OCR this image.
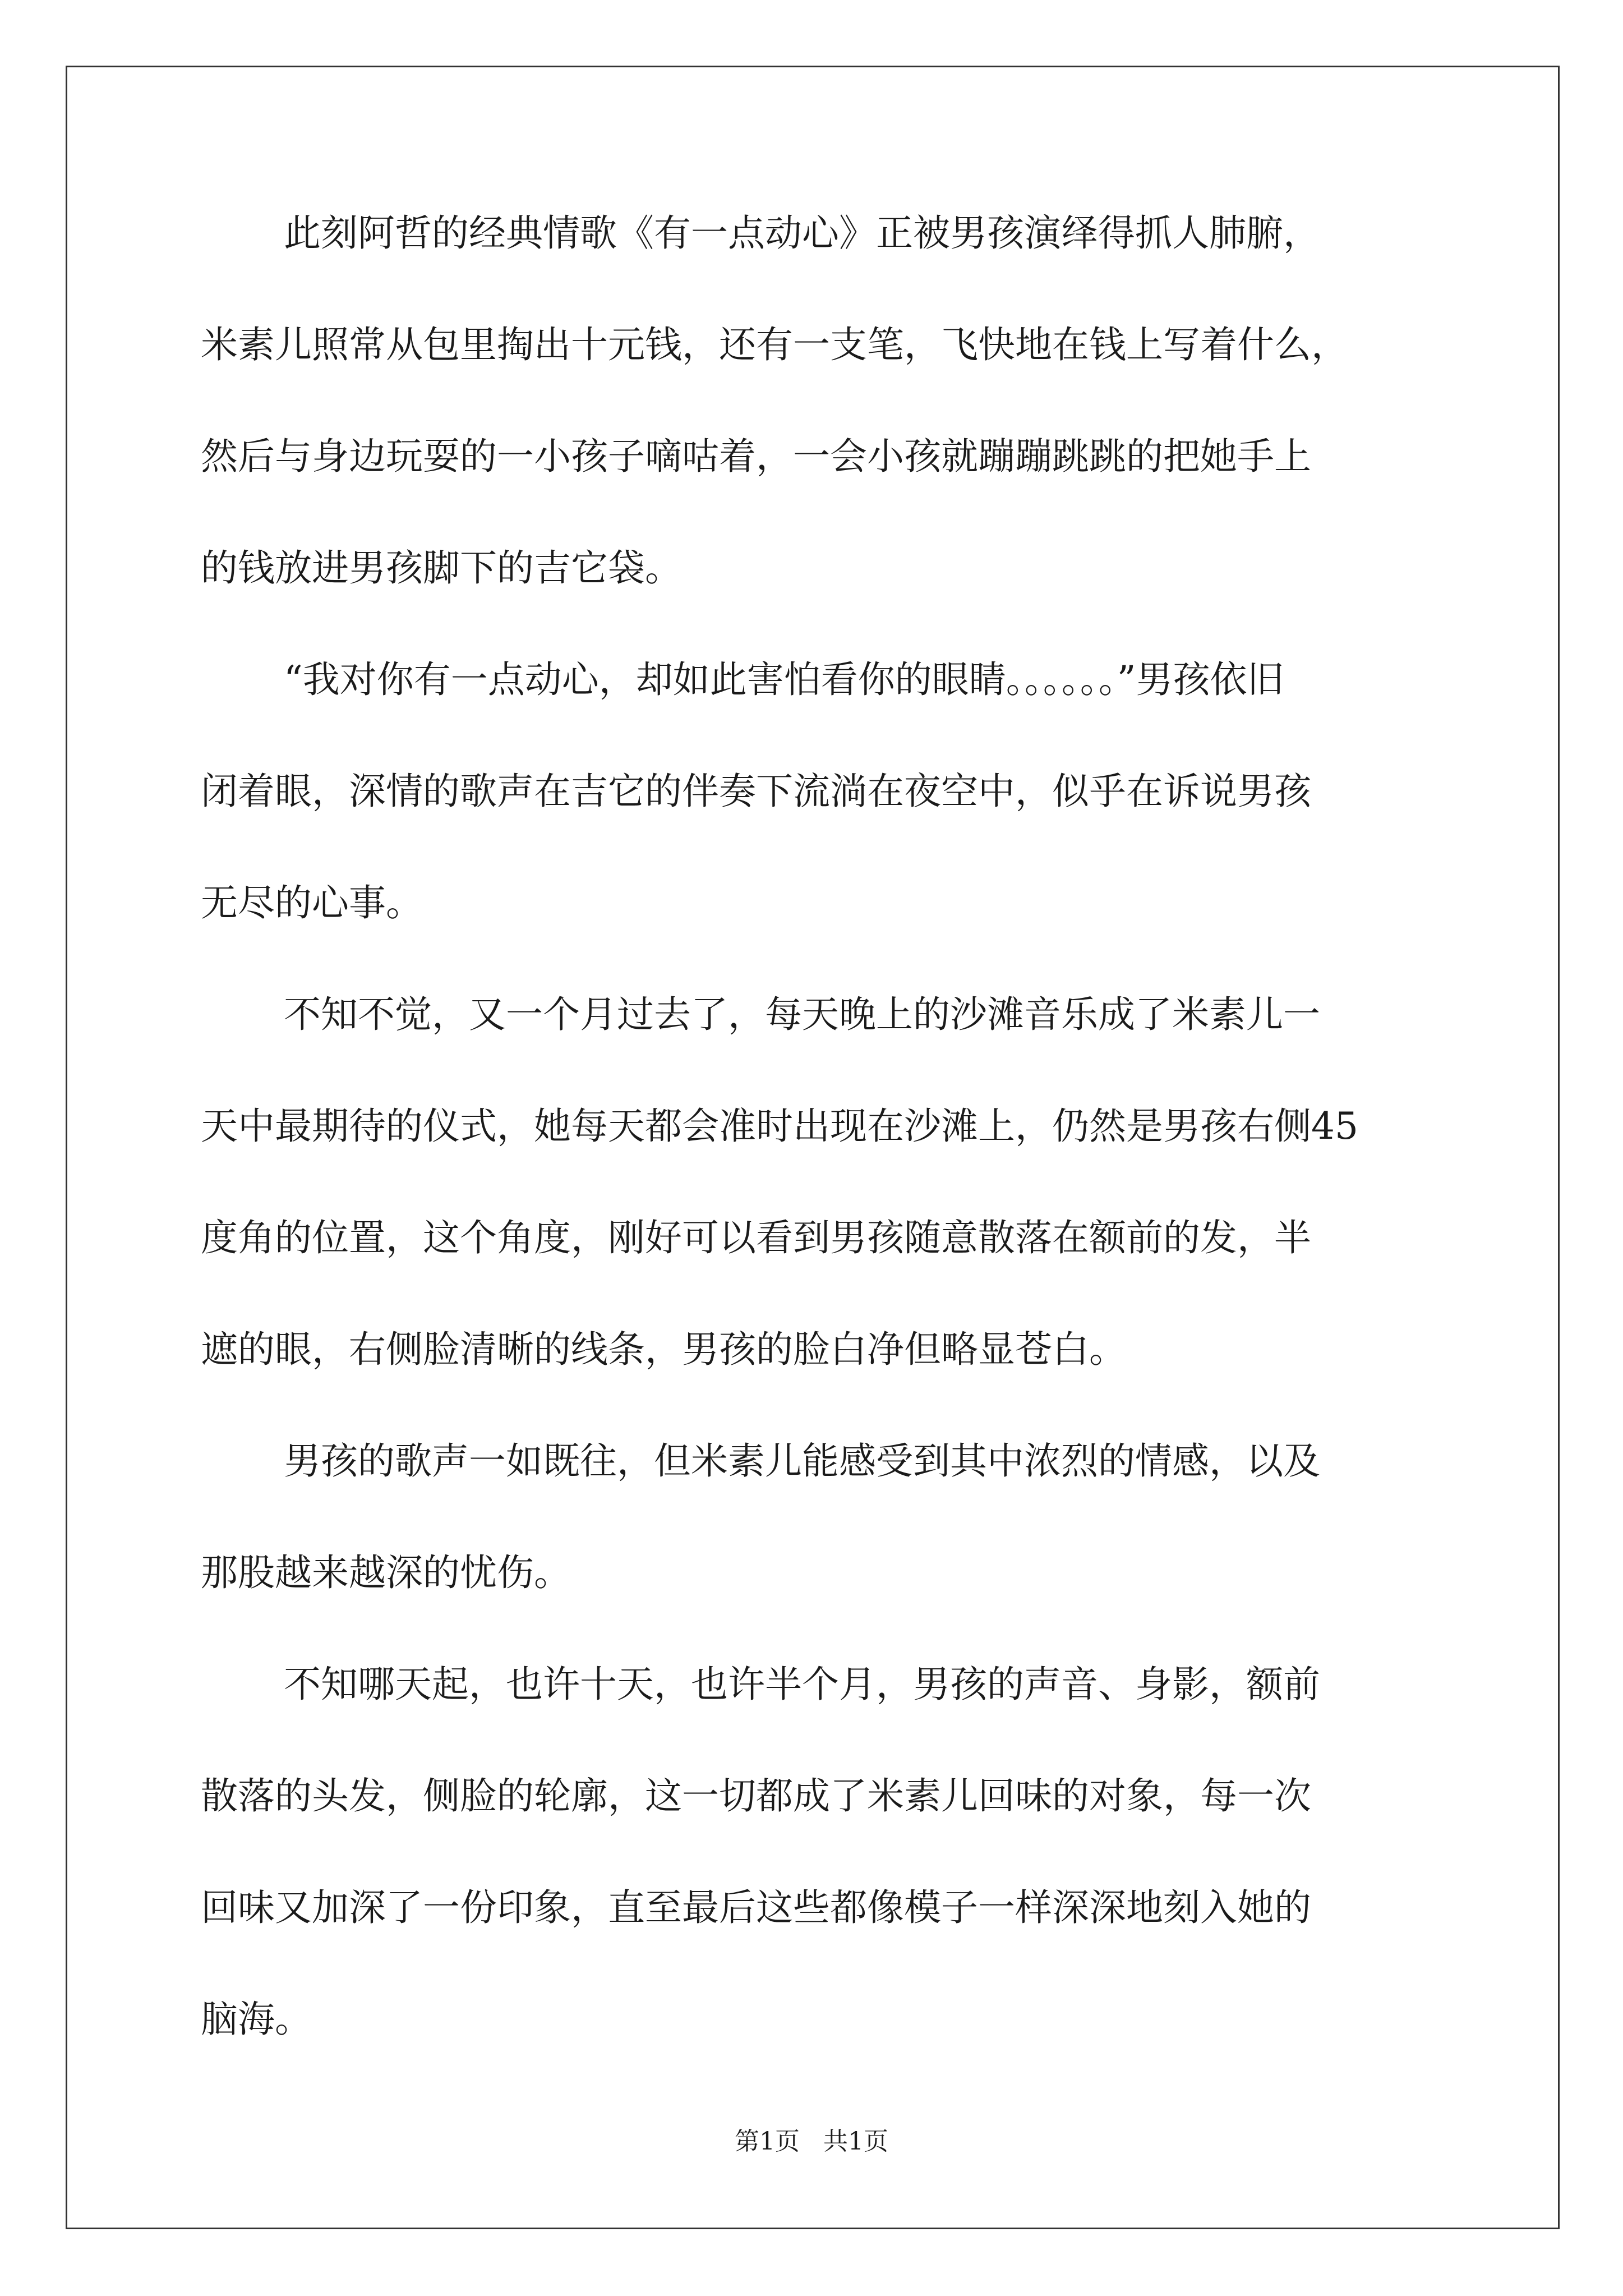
此刻阿哲的经典情歌《有一点动心》正被男孩演绎得抓人肺腑，
米素儿照常从包里掏出十元钱，还有一支笔，飞快地在钱上写着什么，
然后与身边玩耍的一小孩子嘀咕着，一会小孩就蹦蹦跳跳的把她手上
的钱放进男孩脚下的吉它袋。
“我对你有一点动心，却如此害怕看你的眼睛。。。。。。”男孩依旧
闭着眼，深情的歌声在吉它的伴奏下流淌在夜空中，似乎在诉说男孩
无尽的心事。
不知不觉，又一个月过去了，每天晚上的沙滩音乐成了米素儿一
天中最期待的仪式，她每天都会准时出现在沙滩上，仍然是男孩右侧45
度角的位置，这个角度，刚好可以看到男孩随意散落在额前的发，半
遮的眼，右侧脸清晰的线条，男孩的脸白净但略显苍白。
男孩的歌声一如既往，但米素儿能感受到其中浓烈的情感，以及
那股越来越深的忧伤。
不知哪天起，也许十天，也许半个月，男孩的声音、身影，额前
散落的头发，侧脸的轮廓，这一切都成了米素儿回味的对象，每一次
回味又加深了一份印象，直至最后这些都像模子一样深深地刻入她的
脑海。
第1页   共1页
